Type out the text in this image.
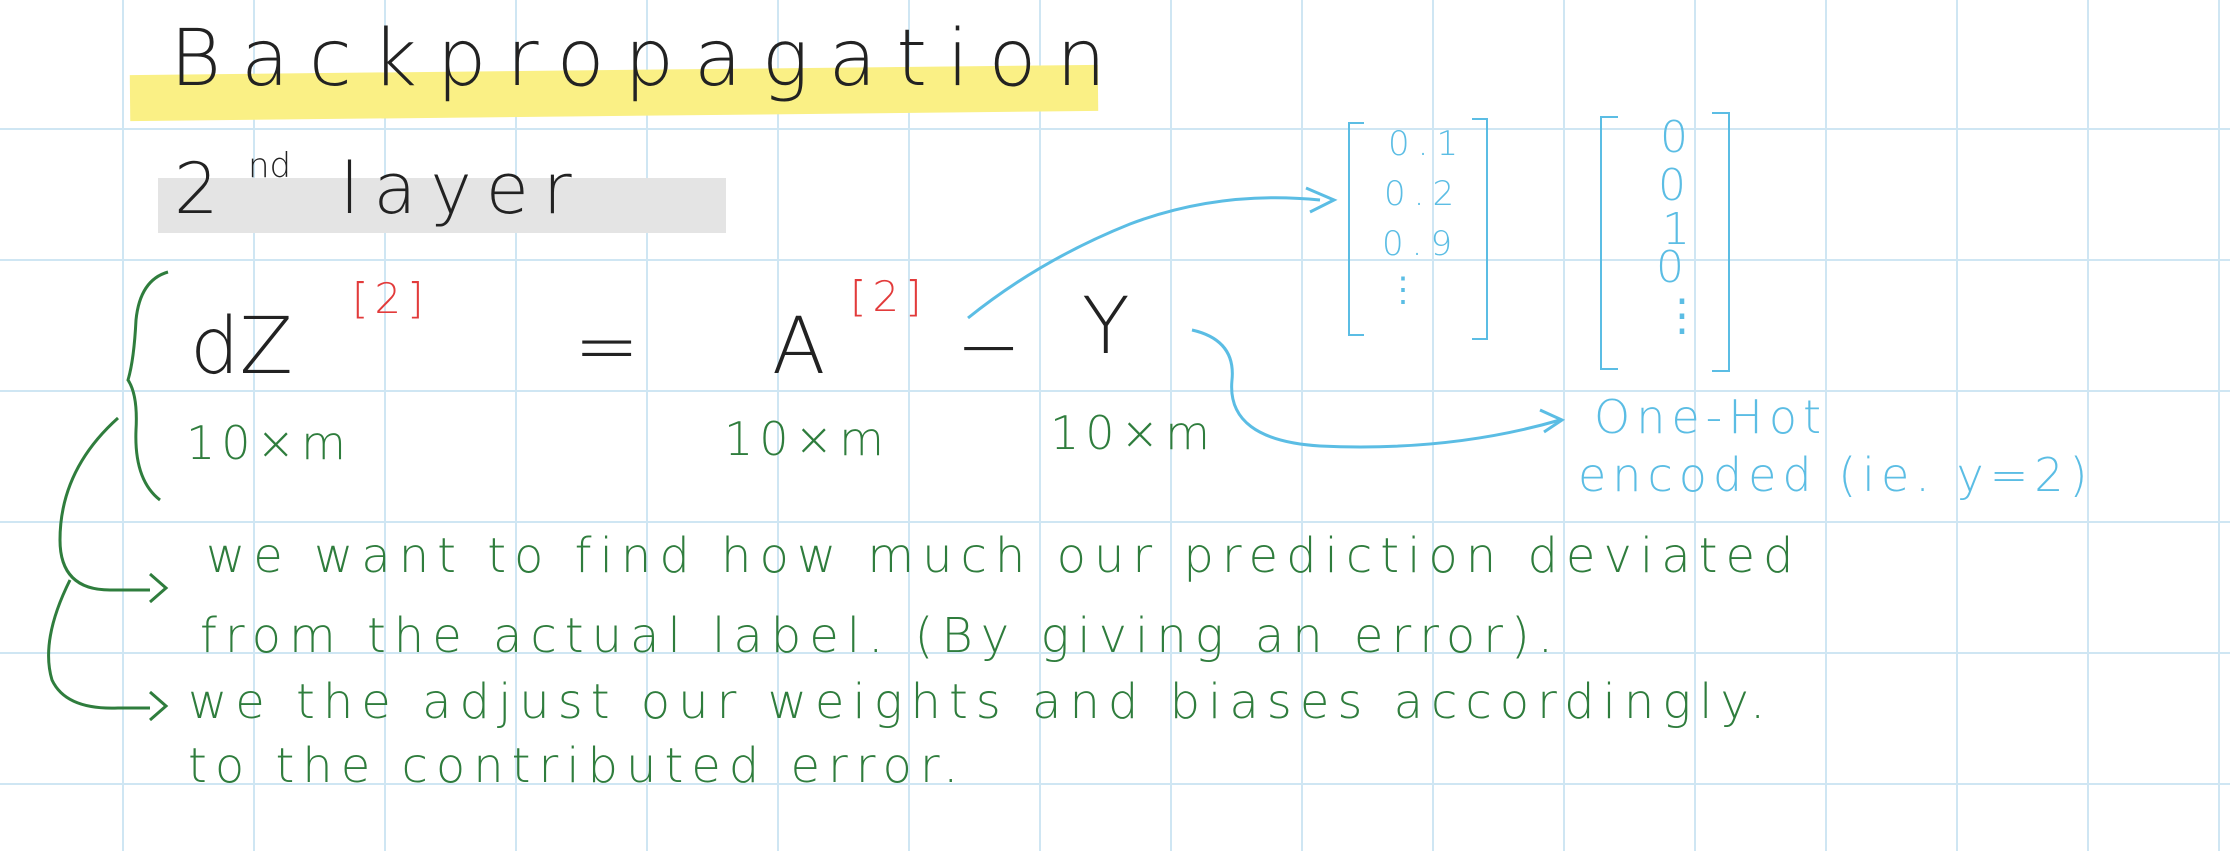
Backpropagation
2 nd layer
dZ
[2]
= A
[2]
− Y
10×m	10×m	10×m
0.1
0.2
0.9
⋮
0
0
1
0
⋮
One-Hot
encoded (ie. y=2)
we want to find how much our prediction deviated
from the actual label. (By giving an error).
we the adjust our weights and biases accordingly.
to the contributed error.
